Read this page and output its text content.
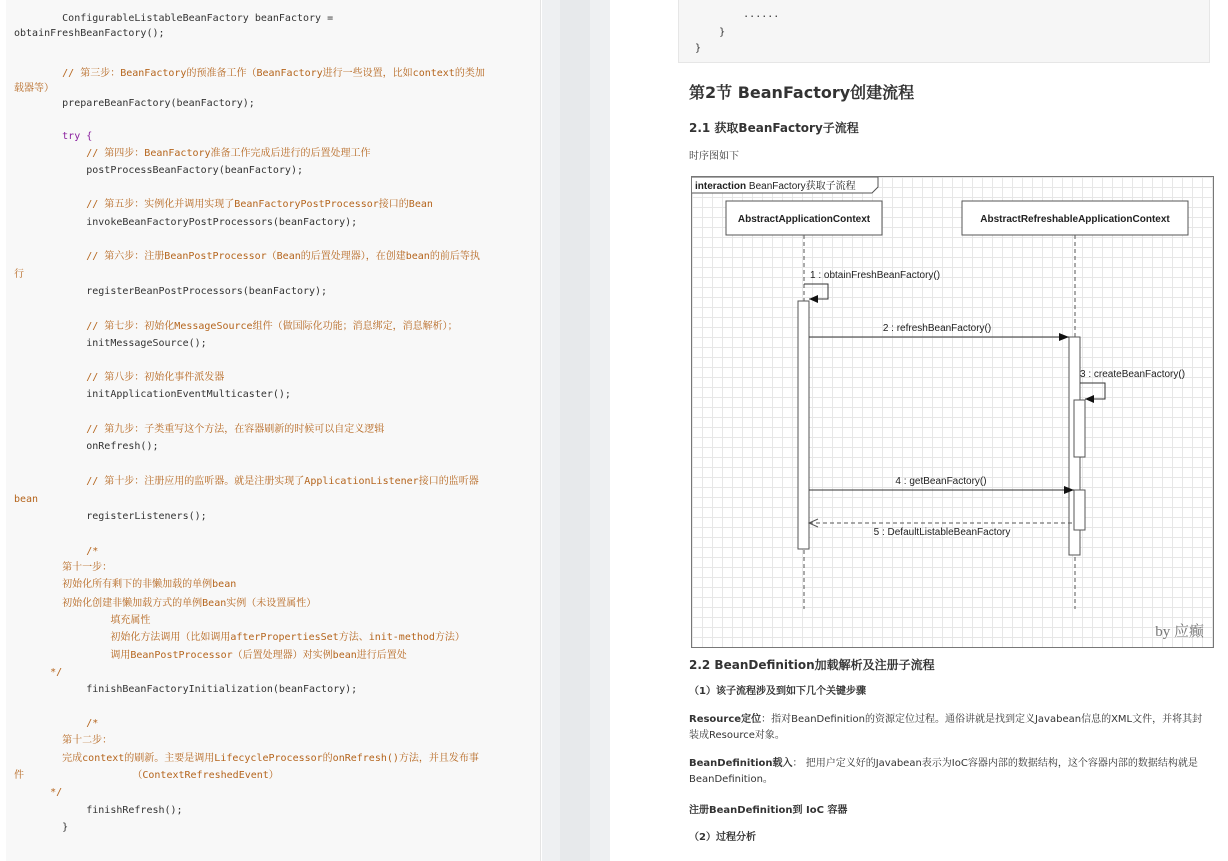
ConfigurableListableBeanFactory beanFactory =
obtainFreshBeanFactory();
// 第三步：BeanFactory的预准备工作（BeanFactory进行一些设置，比如context的类加
载器等）
prepareBeanFactory(beanFactory);
try {
// 第四步：BeanFactory准备工作完成后进行的后置处理工作
postProcessBeanFactory(beanFactory);
// 第五步：实例化并调用实现了BeanFactoryPostProcessor接口的Bean
invokeBeanFactoryPostProcessors(beanFactory);
// 第六步：注册BeanPostProcessor（Bean的后置处理器），在创建bean的前后等执
行
registerBeanPostProcessors(beanFactory);
// 第七步：初始化MessageSource组件（做国际化功能；消息绑定，消息解析）；
initMessageSource();
// 第八步：初始化事件派发器
initApplicationEventMulticaster();
// 第九步：子类重写这个方法，在容器刷新的时候可以自定义逻辑
onRefresh();
// 第十步：注册应用的监听器。就是注册实现了ApplicationListener接口的监听器
bean
registerListeners();
/*
第十一步：
初始化所有剩下的非懒加载的单例bean
初始化创建非懒加载方式的单例Bean实例（未设置属性）
填充属性
初始化方法调用（比如调用afterPropertiesSet方法、init-method方法）
调用BeanPostProcessor（后置处理器）对实例bean进行后置处
*/
finishBeanFactoryInitialization(beanFactory);
/*
第十二步：
完成context的刷新。主要是调用LifecycleProcessor的onRefresh()方法，并且发布事
件                  （ContextRefreshedEvent）
*/
finishRefresh();
}
......
}
}
第2节 BeanFactory创建流程
2.1 获取BeanFactory子流程

时序图如下

interaction BeanFactory获取子流程
AbstractApplicationContext	AbstractRefreshableApplicationContext
1 : obtainFreshBeanFactory()
2 : refreshBeanFactory()
3 : createBeanFactory()
4 : getBeanFactory()
5 : DefaultListableBeanFactory
by 应癫
2.2 BeanDefinition加载解析及注册子流程

（1）该子流程涉及到如下几个关键步骤

Resource定位：指对BeanDefinition的资源定位过程。通俗讲就是找到定义Javabean信息的XML文件，并将其封装成Resource对象。

BeanDefinition载入： 把用户定义好的Javabean表示为IoC容器内部的数据结构，这个容器内部的数据结构就是BeanDefinition。

注册BeanDefinition到 IoC 容器

（2）过程分析
